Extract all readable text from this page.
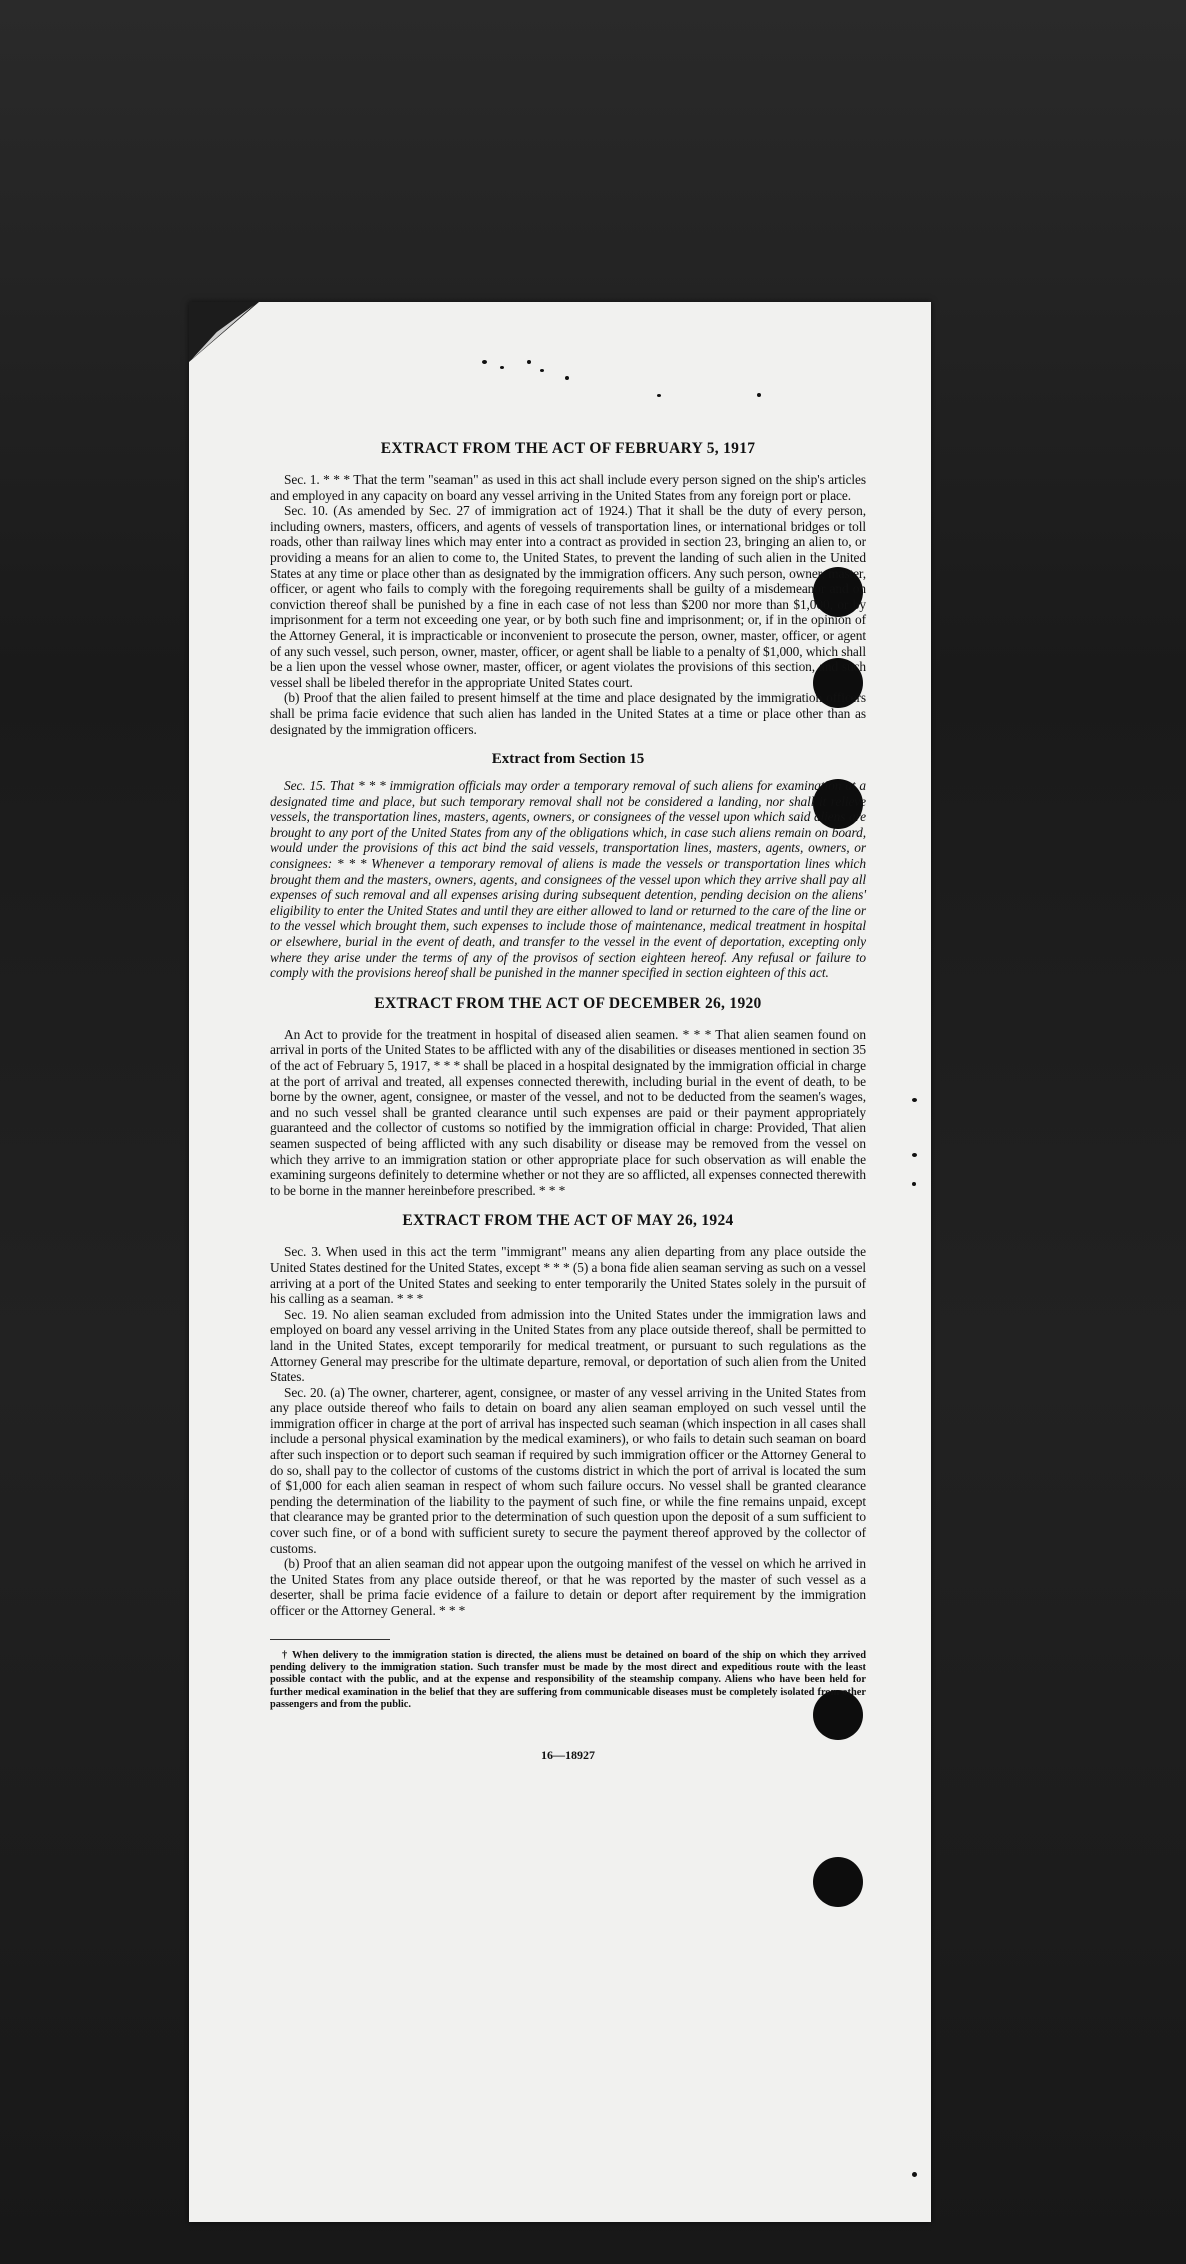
EXTRACT FROM THE ACT OF FEBRUARY 5, 1917

Sec. 1. * * * That the term "seaman" as used in this act shall include every person signed on the ship's articles and employed in any capacity on board any vessel arriving in the United States from any foreign port or place.

Sec. 10. (As amended by Sec. 27 of immigration act of 1924.) That it shall be the duty of every person, including owners, masters, officers, and agents of vessels of transportation lines, or international bridges or toll roads, other than railway lines which may enter into a contract as provided in section 23, bringing an alien to, or providing a means for an alien to come to, the United States, to prevent the landing of such alien in the United States at any time or place other than as designated by the immigration officers. Any such person, owner, master, officer, or agent who fails to comply with the foregoing requirements shall be guilty of a misdemeanor and on conviction thereof shall be punished by a fine in each case of not less than $200 nor more than $1,000, or by imprisonment for a term not exceeding one year, or by both such fine and imprisonment; or, if in the opinion of the Attorney General, it is impracticable or inconvenient to prosecute the person, owner, master, officer, or agent of any such vessel, such person, owner, master, officer, or agent shall be liable to a penalty of $1,000, which shall be a lien upon the vessel whose owner, master, officer, or agent violates the provisions of this section, and such vessel shall be libeled therefor in the appropriate United States court.

(b) Proof that the alien failed to present himself at the time and place designated by the immigration officers shall be prima facie evidence that such alien has landed in the United States at a time or place other than as designated by the immigration officers.

Extract from Section 15

Sec. 15. That * * * immigration officials may order a temporary removal of such aliens for examination at a designated time and place, but such temporary removal shall not be considered a landing, nor shall it relieve vessels, the transportation lines, masters, agents, owners, or consignees of the vessel upon which said aliens are brought to any port of the United States from any of the obligations which, in case such aliens remain on board, would under the provisions of this act bind the said vessels, transportation lines, masters, agents, owners, or consignees: * * * Whenever a temporary removal of aliens is made the vessels or transportation lines which brought them and the masters, owners, agents, and consignees of the vessel upon which they arrive shall pay all expenses of such removal and all expenses arising during subsequent detention, pending decision on the aliens' eligibility to enter the United States and until they are either allowed to land or returned to the care of the line or to the vessel which brought them, such expenses to include those of maintenance, medical treatment in hospital or elsewhere, burial in the event of death, and transfer to the vessel in the event of deportation, excepting only where they arise under the terms of any of the provisos of section eighteen hereof. Any refusal or failure to comply with the provisions hereof shall be punished in the manner specified in section eighteen of this act.

EXTRACT FROM THE ACT OF DECEMBER 26, 1920

An Act to provide for the treatment in hospital of diseased alien seamen. * * * That alien seamen found on arrival in ports of the United States to be afflicted with any of the disabilities or diseases mentioned in section 35 of the act of February 5, 1917, * * * shall be placed in a hospital designated by the immigration official in charge at the port of arrival and treated, all expenses connected therewith, including burial in the event of death, to be borne by the owner, agent, consignee, or master of the vessel, and not to be deducted from the seamen's wages, and no such vessel shall be granted clearance until such expenses are paid or their payment appropriately guaranteed and the collector of customs so notified by the immigration official in charge: Provided, That alien seamen suspected of being afflicted with any such disability or disease may be removed from the vessel on which they arrive to an immigration station or other appropriate place for such observation as will enable the examining surgeons definitely to determine whether or not they are so afflicted, all expenses connected therewith to be borne in the manner hereinbefore prescribed. * * *

EXTRACT FROM THE ACT OF MAY 26, 1924

Sec. 3. When used in this act the term "immigrant" means any alien departing from any place outside the United States destined for the United States, except * * * (5) a bona fide alien seaman serving as such on a vessel arriving at a port of the United States and seeking to enter temporarily the United States solely in the pursuit of his calling as a seaman. * * *

Sec. 19. No alien seaman excluded from admission into the United States under the immigration laws and employed on board any vessel arriving in the United States from any place outside thereof, shall be permitted to land in the United States, except temporarily for medical treatment, or pursuant to such regulations as the Attorney General may prescribe for the ultimate departure, removal, or deportation of such alien from the United States.

Sec. 20. (a) The owner, charterer, agent, consignee, or master of any vessel arriving in the United States from any place outside thereof who fails to detain on board any alien seaman employed on such vessel until the immigration officer in charge at the port of arrival has inspected such seaman (which inspection in all cases shall include a personal physical examination by the medical examiners), or who fails to detain such seaman on board after such inspection or to deport such seaman if required by such immigration officer or the Attorney General to do so, shall pay to the collector of customs of the customs district in which the port of arrival is located the sum of $1,000 for each alien seaman in respect of whom such failure occurs. No vessel shall be granted clearance pending the determination of the liability to the payment of such fine, or while the fine remains unpaid, except that clearance may be granted prior to the determination of such question upon the deposit of a sum sufficient to cover such fine, or of a bond with sufficient surety to secure the payment thereof approved by the collector of customs.

(b) Proof that an alien seaman did not appear upon the outgoing manifest of the vessel on which he arrived in the United States from any place outside thereof, or that he was reported by the master of such vessel as a deserter, shall be prima facie evidence of a failure to detain or deport after requirement by the immigration officer or the Attorney General. * * *

† When delivery to the immigration station is directed, the aliens must be detained on board of the ship on which they arrived pending delivery to the immigration station. Such transfer must be made by the most direct and expeditious route with the least possible contact with the public, and at the expense and responsibility of the steamship company. Aliens who have been held for further medical examination in the belief that they are suffering from communicable diseases must be completely isolated from other passengers and from the public.

16—18927
